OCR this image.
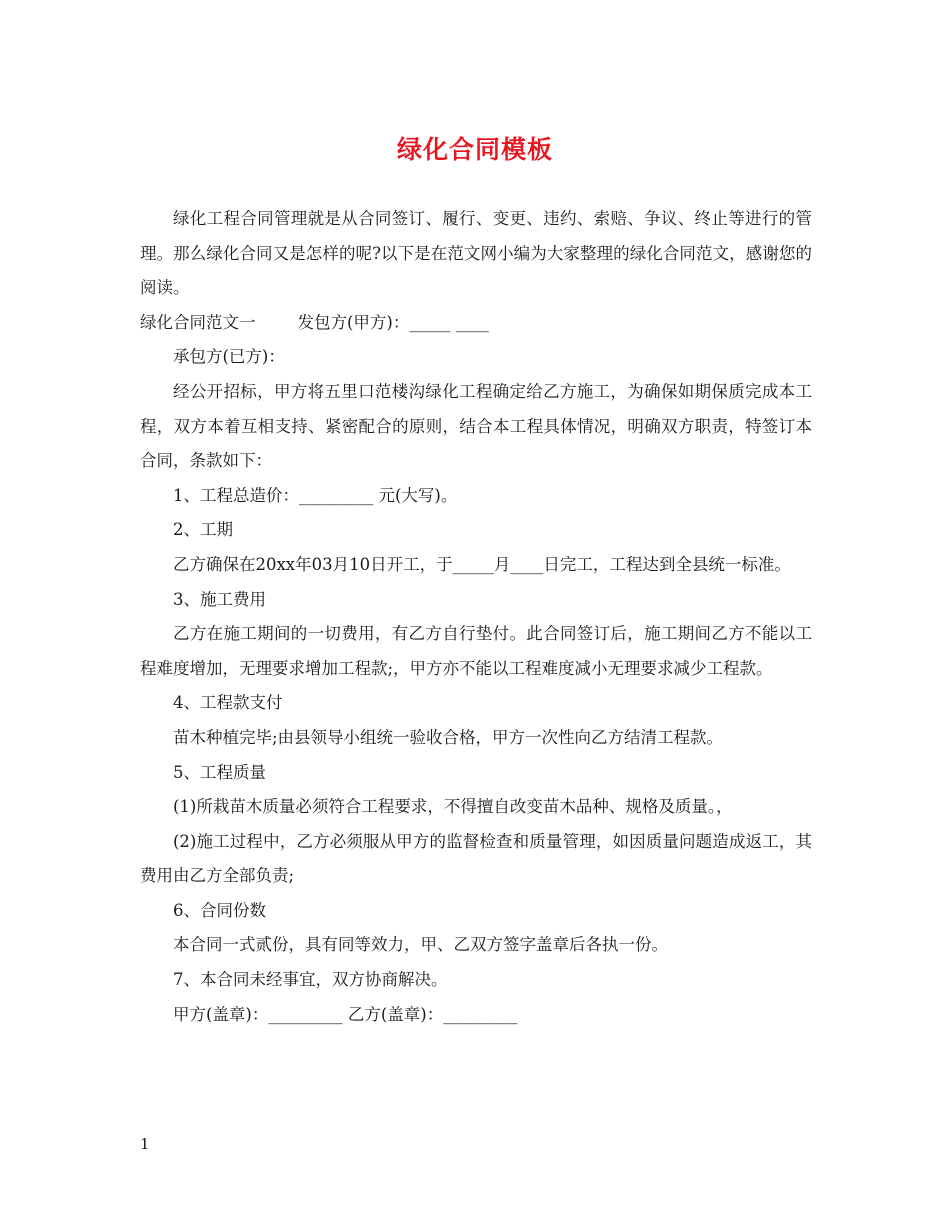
绿化合同模板

绿化工程合同管理就是从合同签订、履行、变更、违约、索赔、争议、终止等进行的管理。那么绿化合同又是怎样的呢?以下是在范文网小编为大家整理的绿化合同范文，感谢您的阅读。

绿化合同范文一	发包方(甲方)：_____ ____

承包方(已方)：

经公开招标，甲方将五里口范楼沟绿化工程确定给乙方施工，为确保如期保质完成本工程，双方本着互相支持、紧密配合的原则，结合本工程具体情况，明确双方职责，特签订本合同，条款如下：

1、工程总造价：_________ 元(大写)。

2、工期

乙方确保在20xx年03月10日开工，于_____月____日完工，工程达到全县统一标准。

3、施工费用

乙方在施工期间的一切费用，有乙方自行垫付。此合同签订后，施工期间乙方不能以工程难度增加，无理要求增加工程款;，甲方亦不能以工程难度减小无理要求减少工程款。

4、工程款支付

苗木种植完毕;由县领导小组统一验收合格，甲方一次性向乙方结清工程款。

5、工程质量

(1)所栽苗木质量必须符合工程要求，不得擅自改变苗木品种、规格及质量。，

(2)施工过程中，乙方必须服从甲方的监督检查和质量管理，如因质量问题造成返工，其费用由乙方全部负责;

6、合同份数

本合同一式贰份，具有同等效力，甲、乙双方签字盖章后各执一份。

7、本合同未经事宜，双方协商解决。

甲方(盖章)：_________ 乙方(盖章)：_________

1
